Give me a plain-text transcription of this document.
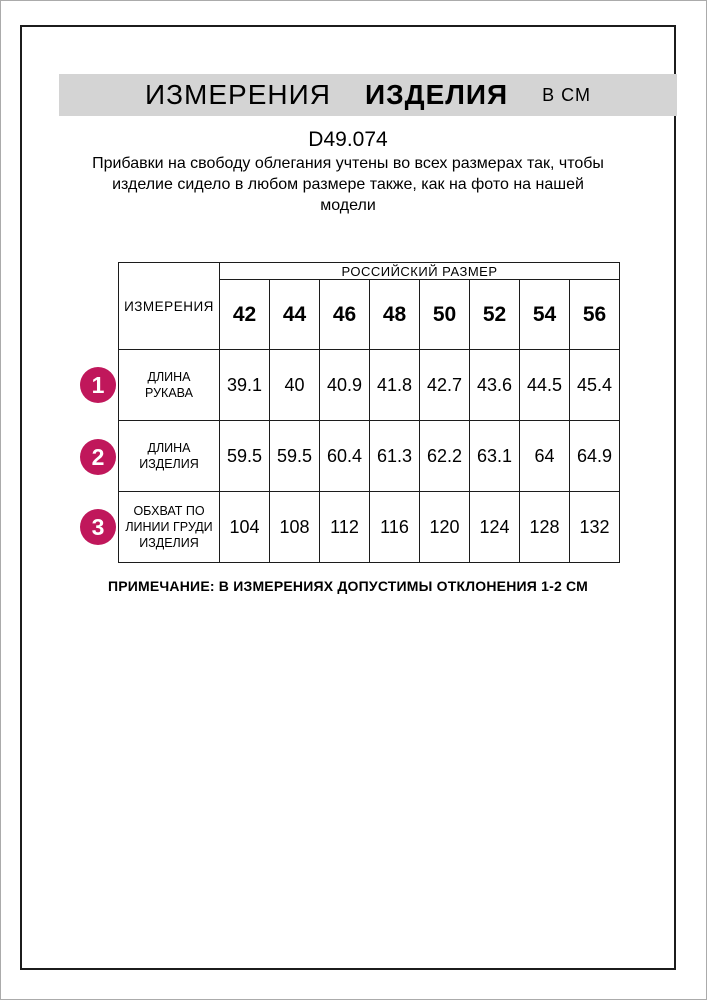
ИЗМЕРЕНИЯ ИЗДЕЛИЯ В СМ
D49.074
Прибавки на свободу облегания учтены во всех размерах так, чтобы
изделие сидело в любом размере также, как на фото на нашей
модели
ИЗМЕРЕНИЯ	РОССИЙСКИЙ РАЗМЕР							
	42	44	46	48	50	52	54	56
ДЛИНА РУКАВА	39.1	40	40.9	41.8	42.7	43.6	44.5	45.4
ДЛИНА ИЗДЕЛИЯ	59.5	59.5	60.4	61.3	62.2	63.1	64	64.9
ОБХВАТ ПО ЛИНИИ ГРУДИ ИЗДЕЛИЯ	104	108	112	116	120	124	128	132
1
2
3
ПРИМЕЧАНИЕ: В ИЗМЕРЕНИЯХ ДОПУСТИМЫ ОТКЛОНЕНИЯ 1-2 СМ
